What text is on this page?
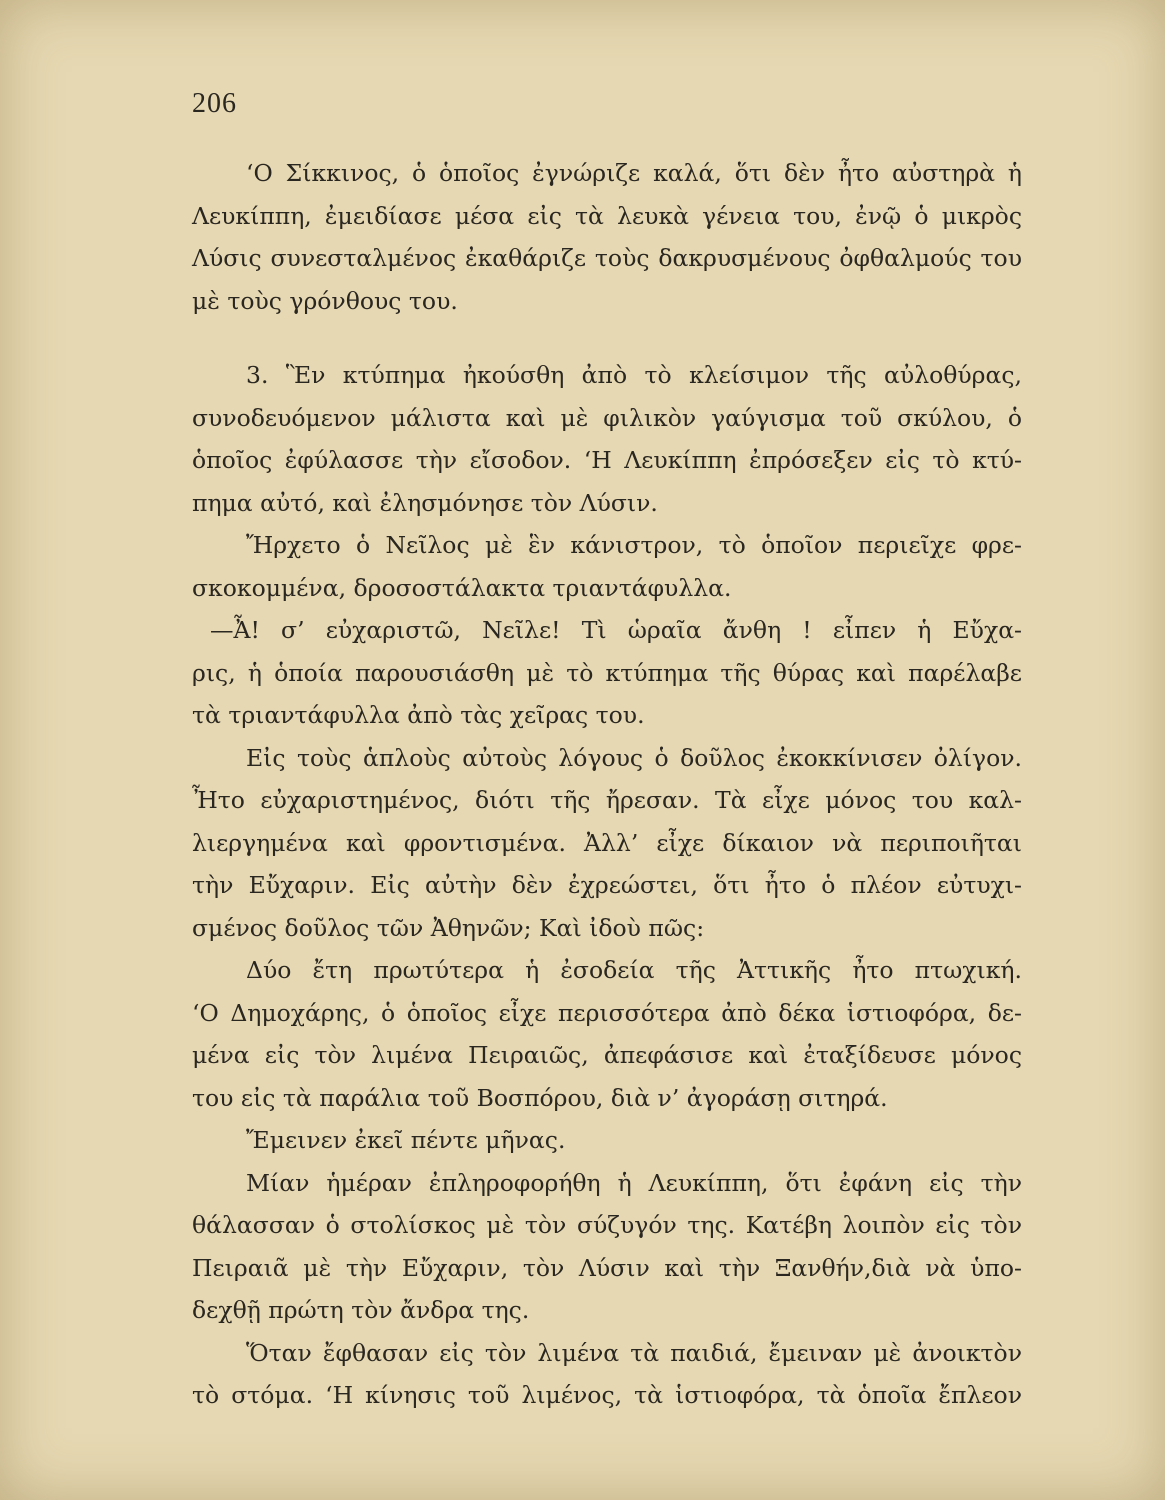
206
‘Ο Σίκκινος, ὁ ὁποῖος ἐγνώριζε καλά, ὅτι δὲν ἦτο αὐστηρὰ ἡ
Λευκίππη, ἐμειδίασε μέσα εἰς τὰ λευκὰ γένεια του, ἐνῷ ὁ μικρὸς
Λύσις συνεσταλμένος ἐκαθάριζε τοὺς δακρυσμένους ὀφθαλμούς του
μὲ τοὺς γρόνθους του.
3. Ἓν κτύπημα ἠκούσθη ἀπὸ τὸ κλείσιμον τῆς αὐλοθύρας,
συνοδευόμενον μάλιστα καὶ μὲ φιλικὸν γαύγισμα τοῦ σκύλου, ὁ
ὁποῖος ἐφύλασσε τὴν εἴσοδον. ‘Η Λευκίππη ἐπρόσεξεν εἰς τὸ κτύ-
πημα αὐτό, καὶ ἐλησμόνησε τὸν Λύσιν.
Ἤρχετο ὁ Νεῖλος μὲ ἓν κάνιστρον, τὸ ὁποῖον περιεῖχε φρε-
σκοκομμένα, δροσοστάλακτα τριαντάφυλλα.
—Ἆ! σ’ εὐχαριστῶ, Νεῖλε! Τὶ ὡραῖα ἄνθη ! εἶπεν ἡ Εὔχα-
ρις, ἡ ὁποία παρουσιάσθη μὲ τὸ κτύπημα τῆς θύρας καὶ παρέλαβε
τὰ τριαντάφυλλα ἀπὸ τὰς χεῖρας του.
Εἰς τοὺς ἁπλοὺς αὐτοὺς λόγους ὁ δοῦλος ἐκοκκίνισεν ὀλίγον.
Ἦτο εὐχαριστημένος, διότι τῆς ἤρεσαν. Τὰ εἶχε μόνος του καλ-
λιεργημένα καὶ φροντισμένα. Ἀλλ’ εἶχε δίκαιον νὰ περιποιῆται
τὴν Εὔχαριν. Εἰς αὐτὴν δὲν ἐχρεώστει, ὅτι ἦτο ὁ πλέον εὐτυχι-
σμένος δοῦλος τῶν Ἀθηνῶν; Καὶ ἰδοὺ πῶς:
Δύο ἔτη πρωτύτερα ἡ ἐσοδεία τῆς Ἀττικῆς ἦτο πτωχική.
‘Ο Δημοχάρης, ὁ ὁποῖος εἶχε περισσότερα ἀπὸ δέκα ἱστιοφόρα, δε-
μένα εἰς τὸν λιμένα Πειραιῶς, ἀπεφάσισε καὶ ἐταξίδευσε μόνος
του εἰς τὰ παράλια τοῦ Βοσπόρου, διὰ ν’ ἀγοράσῃ σιτηρά.
Ἔμεινεν ἐκεῖ πέντε μῆνας.
Μίαν ἡμέραν ἐπληροφορήθη ἡ Λευκίππη, ὅτι ἐφάνη εἰς τὴν
θάλασσαν ὁ στολίσκος μὲ τὸν σύζυγόν της. Κατέβη λοιπὸν εἰς τὸν
Πειραιᾶ μὲ τὴν Εὔχαριν, τὸν Λύσιν καὶ τὴν Ξανθήν,διὰ νὰ ὑπο-
δεχθῇ πρώτη τὸν ἄνδρα της.
Ὅταν ἔφθασαν εἰς τὸν λιμένα τὰ παιδιά, ἔμειναν μὲ ἀνοικτὸν
τὸ στόμα. ‘Η κίνησις τοῦ λιμένος, τὰ ἱστιοφόρα, τὰ ὁποῖα ἔπλεον
